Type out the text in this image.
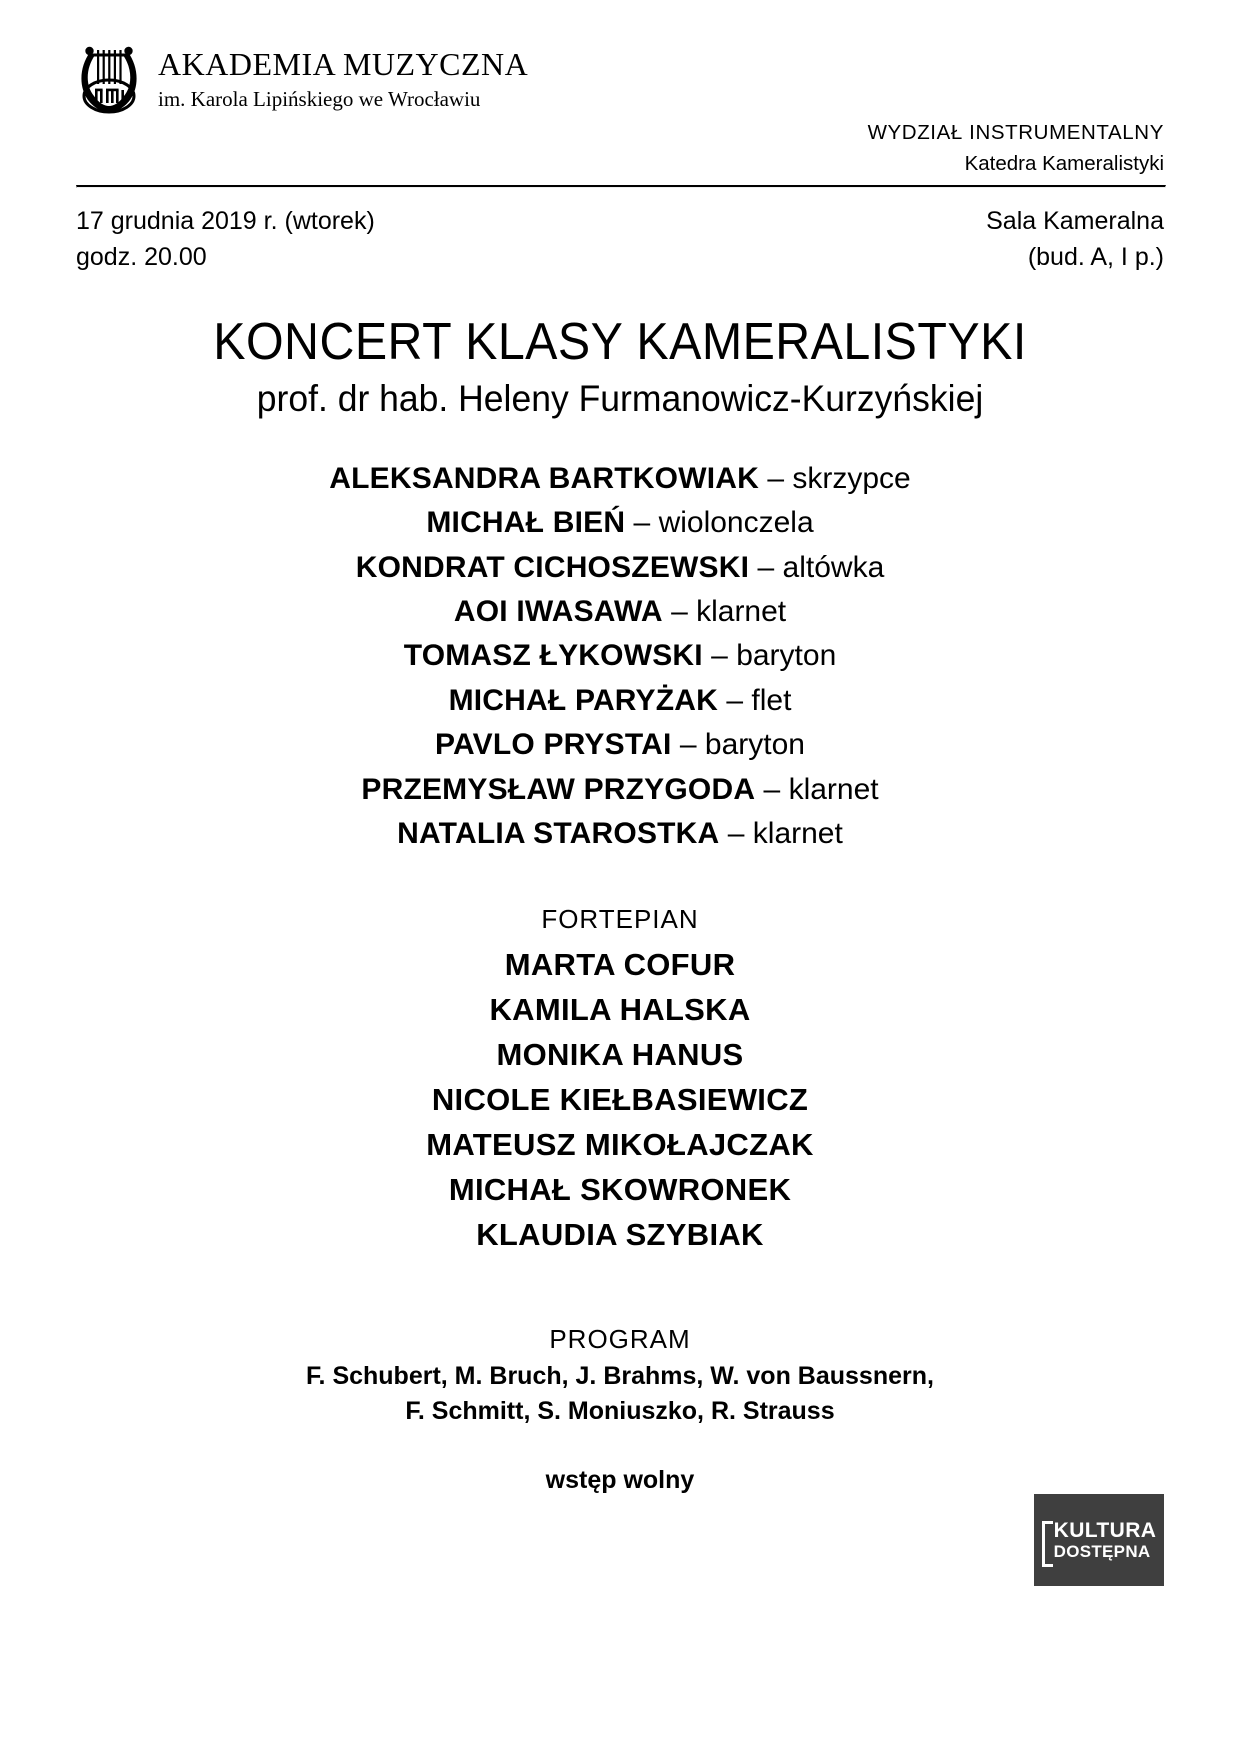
AKADEMIA MUZYCZNA
im. Karola Lipińskiego we Wrocławiu
WYDZIAŁ INSTRUMENTALNY
Katedra Kameralistyki
17 grudnia 2019 r. (wtorek)
godz. 20.00
Sala Kameralna
(bud. A, I p.)
KONCERT KLASY KAMERALISTYKI
prof. dr hab. Heleny Furmanowicz-Kurzyńskiej
ALEKSANDRA BARTKOWIAK – skrzypce
MICHAŁ BIEŃ – wiolonczela
KONDRAT CICHOSZEWSKI – altówka
AOI IWASAWA – klarnet
TOMASZ ŁYKOWSKI – baryton
MICHAŁ PARYŻAK – flet
PAVLO PRYSTAI – baryton
PRZEMYSŁAW PRZYGODA – klarnet
NATALIA STAROSTKA – klarnet
FORTEPIAN
MARTA COFUR
KAMILA HALSKA
MONIKA HANUS
NICOLE KIEŁBASIEWICZ
MATEUSZ MIKOŁAJCZAK
MICHAŁ SKOWRONEK
KLAUDIA SZYBIAK
PROGRAM
F. Schubert, M. Bruch, J. Brahms, W. von Baussnern,
F. Schmitt, S. Moniuszko, R. Strauss
wstęp wolny
KULTURA
DOSTĘPNA
